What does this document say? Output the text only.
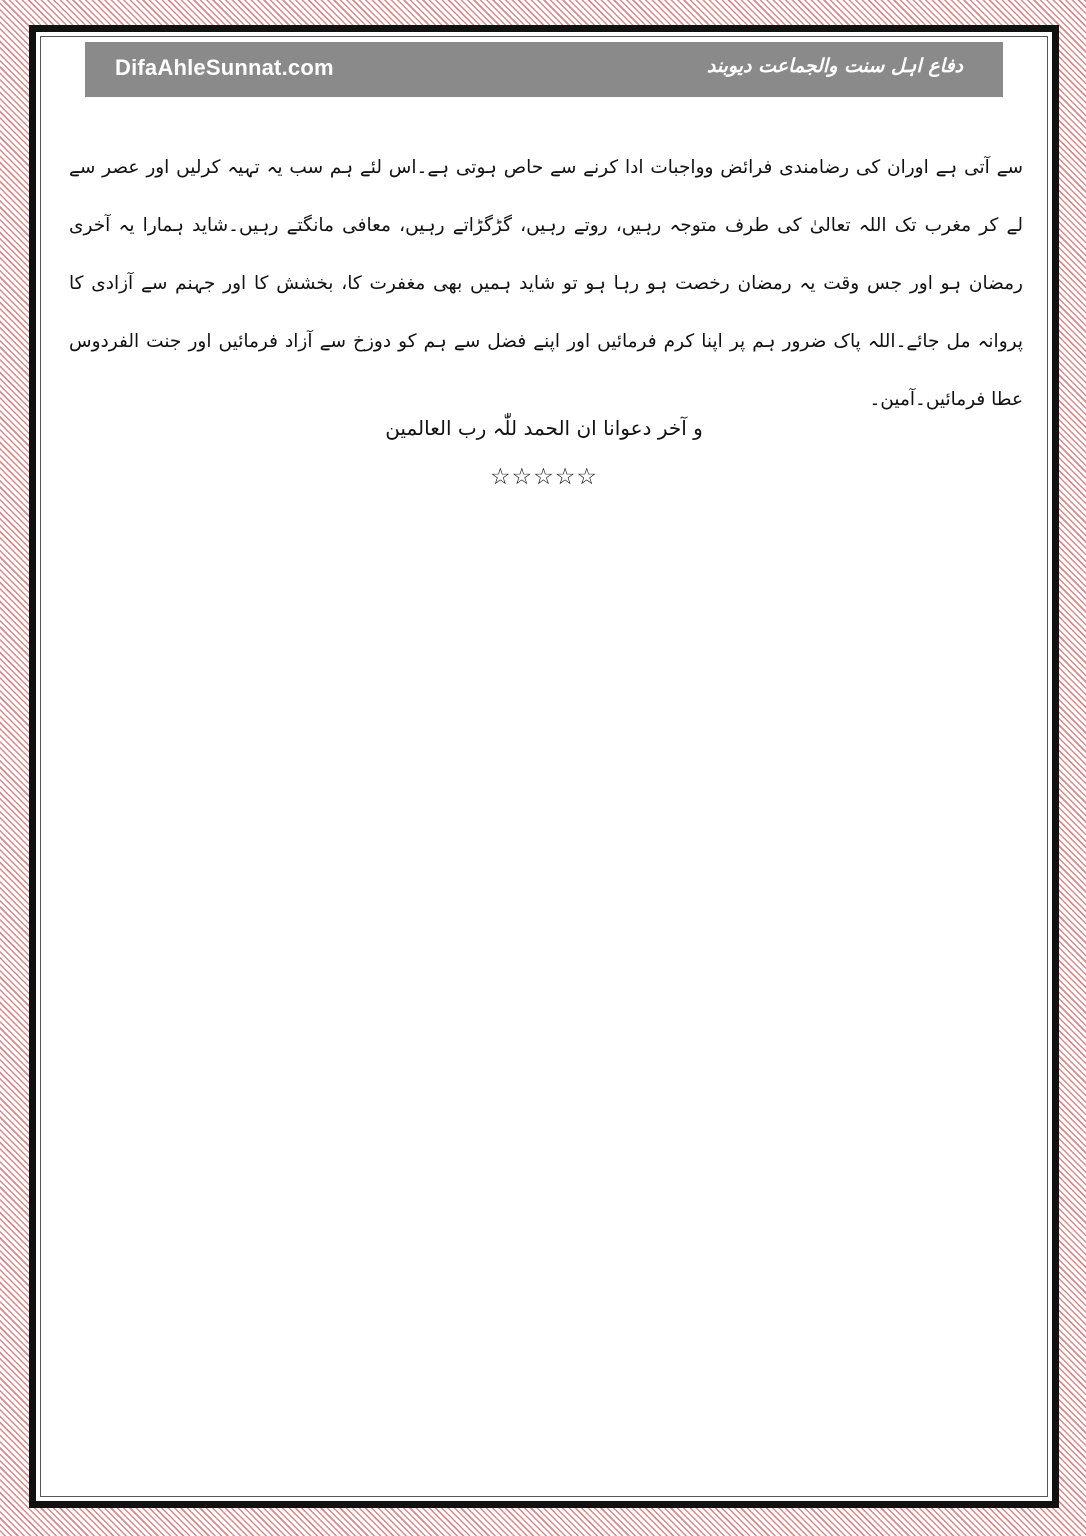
DifaAhleSunnat.com	دفاع اہل سنت والجماعت دیوبند

سے آتی ہے اوران کی رضامندی فرائض وواجبات ادا کرنے سے حاص ہوتی ہے۔اس لئے ہم سب یہ تہیہ کرلیں اور عصر سے لے کر مغرب تک اللہ تعالیٰ کی طرف متوجہ رہیں، روتے رہیں، گڑگڑاتے رہیں، معافی مانگتے رہیں۔شاید ہمارا یہ آخری رمضان ہو اور جس وقت یہ رمضان رخصت ہو رہا ہو تو شاید ہمیں بھی مغفرت کا، بخشش کا اور جہنم سے آزادی کا پروانہ مل جائے۔اللہ پاک ضرور ہم پر اپنا کرم فرمائیں اور اپنے فضل سے ہم کو دوزخ سے آزاد فرمائیں اور جنت الفردوس عطا فرمائیں۔آمین۔

و آخر دعوانا ان الحمد للّٰہ رب العالمین
☆☆☆☆☆
